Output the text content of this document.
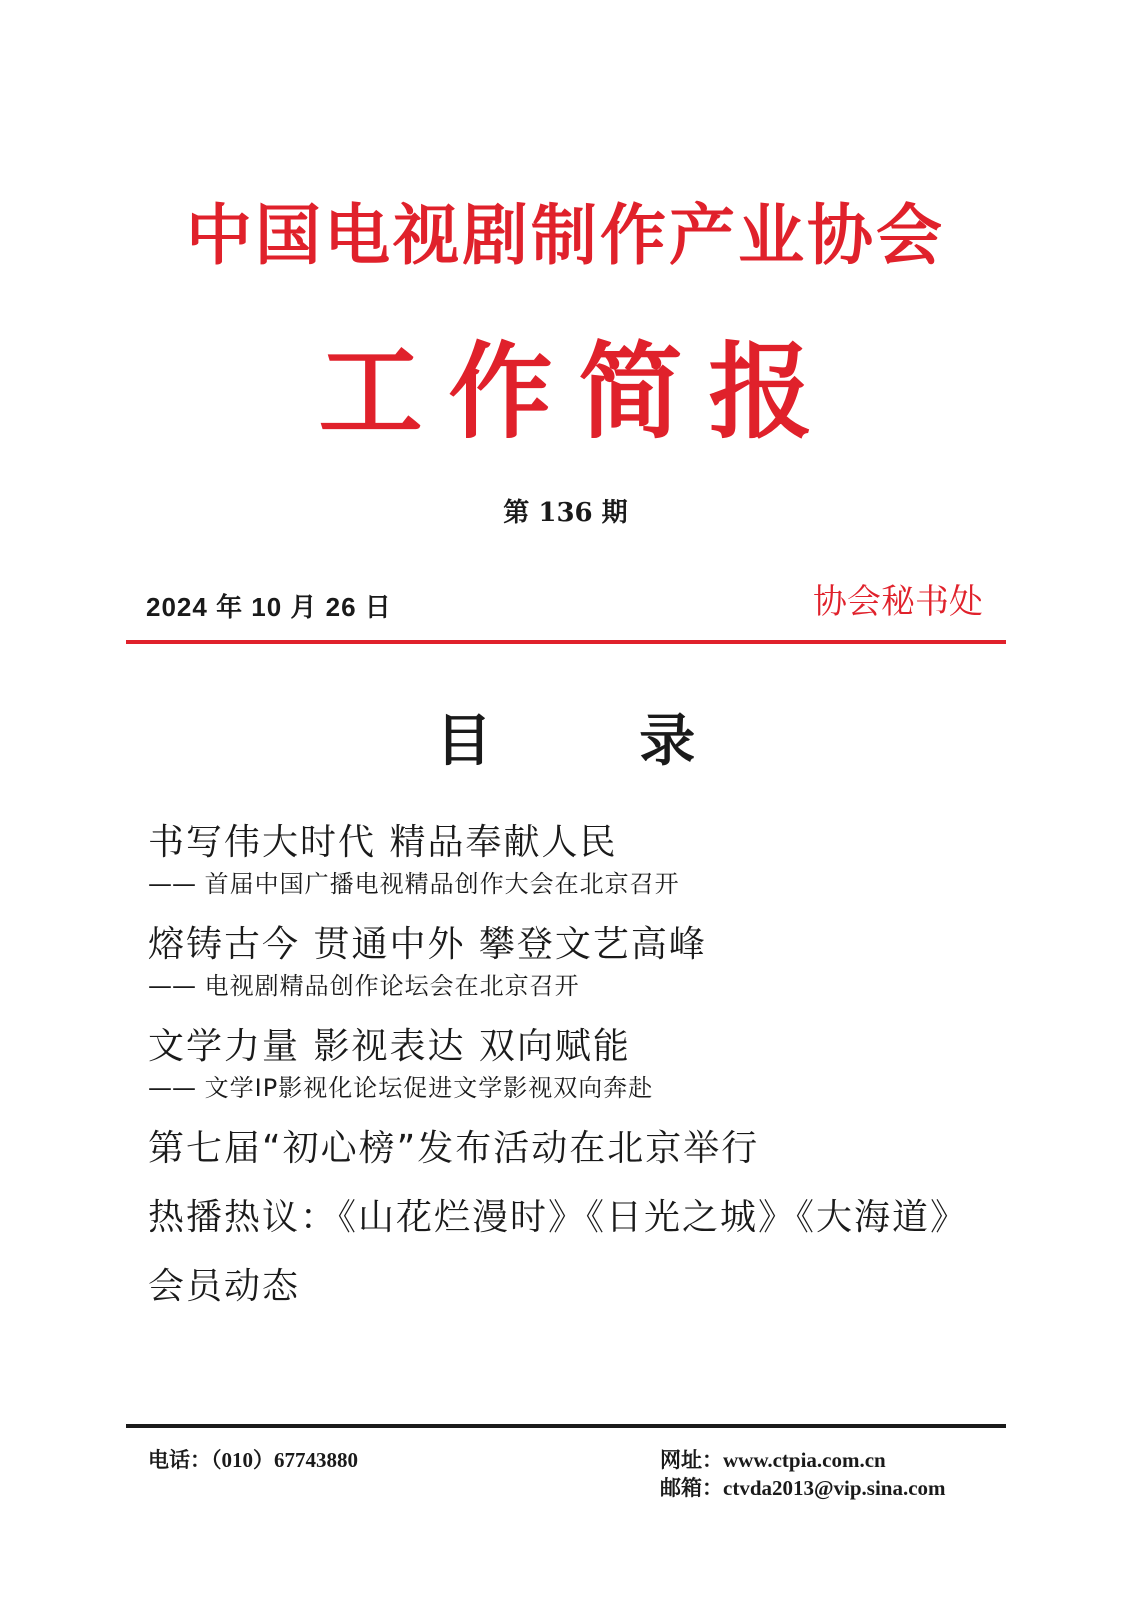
中国电视剧制作产业协会
工作简报
第 136 期
2024 年 10 月 26 日	协会秘书处
目 录
书写伟大时代 精品奉献人民
—— 首届中国广播电视精品创作大会在北京召开
熔铸古今 贯通中外 攀登文艺高峰
—— 电视剧精品创作论坛会在北京召开
文学力量 影视表达 双向赋能
—— 文学IP影视化论坛促进文学影视双向奔赴
第七届“初心榜”发布活动在北京举行
热播热议：《山花烂漫时》《日光之城》《大海道》
会员动态
电话：（010）67743880	网址：www.ctpia.com.cn
邮箱：ctvda2013@vip.sina.com
